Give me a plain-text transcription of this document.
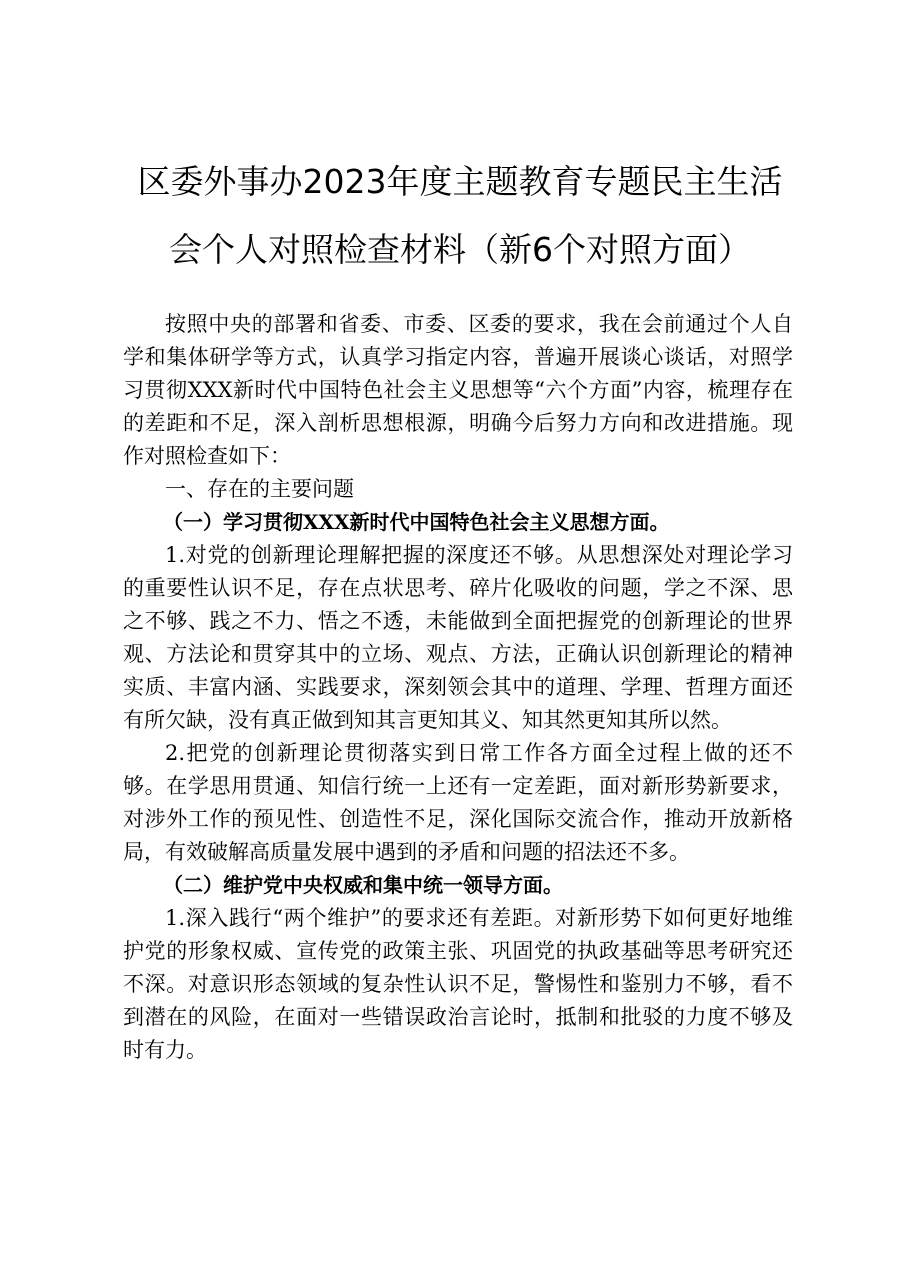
区委外事办2023年度主题教育专题民主生活
会个人对照检查材料（新6个对照方面）

按照中央的部署和省委、市委、区委的要求，我在会前通过个人自学和集体研学等方式，认真学习指定内容，普遍开展谈心谈话，对照学习贯彻XXX新时代中国特色社会主义思想等“六个方面”内容，梳理存在的差距和不足，深入剖析思想根源，明确今后努力方向和改进措施。现作对照检查如下：

一、存在的主要问题

（一）学习贯彻XXX新时代中国特色社会主义思想方面。

1.对党的创新理论理解把握的深度还不够。从思想深处对理论学习的重要性认识不足，存在点状思考、碎片化吸收的问题，学之不深、思之不够、践之不力、悟之不透，未能做到全面把握党的创新理论的世界观、方法论和贯穿其中的立场、观点、方法，正确认识创新理论的精神实质、丰富内涵、实践要求，深刻领会其中的道理、学理、哲理方面还有所欠缺，没有真正做到知其言更知其义、知其然更知其所以然。

2.把党的创新理论贯彻落实到日常工作各方面全过程上做的还不够。在学思用贯通、知信行统一上还有一定差距，面对新形势新要求，对涉外工作的预见性、创造性不足，深化国际交流合作，推动开放新格局，有效破解高质量发展中遇到的矛盾和问题的招法还不多。

（二）维护党中央权威和集中统一领导方面。

1.深入践行“两个维护”的要求还有差距。对新形势下如何更好地维护党的形象权威、宣传党的政策主张、巩固党的执政基础等思考研究还不深。对意识形态领域的复杂性认识不足，警惕性和鉴别力不够，看不到潜在的风险，在面对一些错误政治言论时，抵制和批驳的力度不够及时有力。
